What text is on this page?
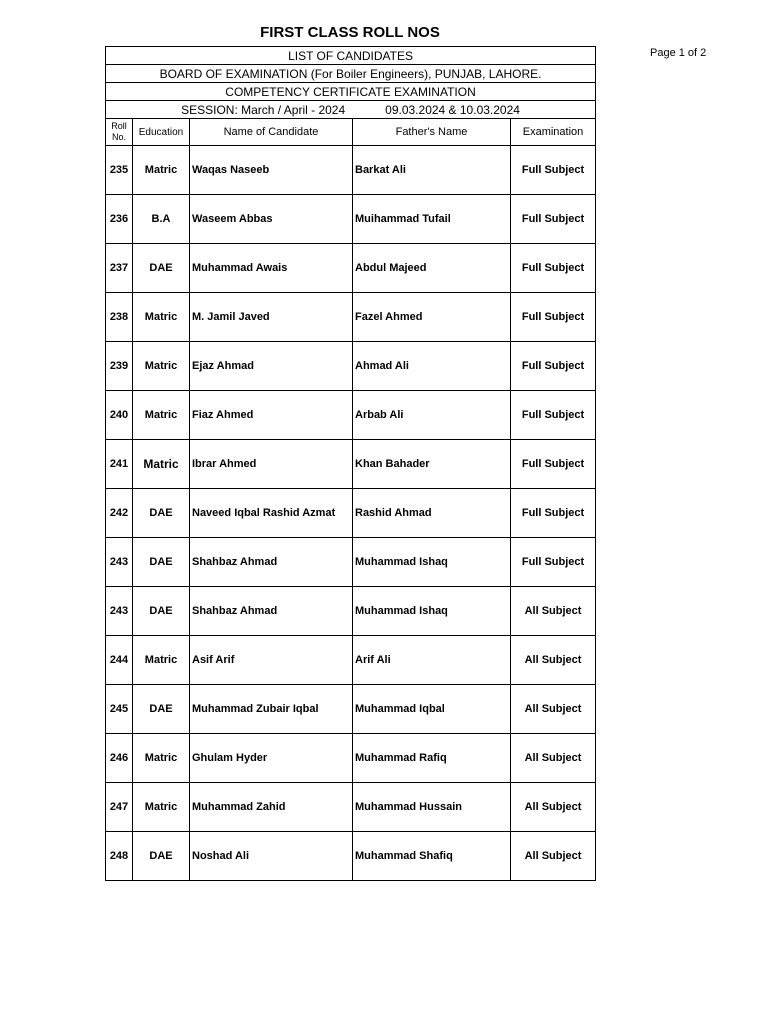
FIRST CLASS ROLL NOS
Page 1 of 2
LIST OF CANDIDATES				
BOARD OF EXAMINATION (For Boiler Engineers), PUNJAB, LAHORE.				
COMPETENCY CERTIFICATE EXAMINATION				
SESSION: March / April - 2024 09.03.2024 & 10.03.2024				
Roll
No.	Education	Name of Candidate	Father's Name	Examination
235	Matric	Waqas Naseeb	Barkat Ali	Full Subject
236	B.A	Waseem Abbas	Muihammad Tufail	Full Subject
237	DAE	Muhammad Awais	Abdul Majeed	Full Subject
238	Matric	M. Jamil Javed	Fazel Ahmed	Full Subject
239	Matric	Ejaz Ahmad	Ahmad Ali	Full Subject
240	Matric	Fiaz Ahmed	Arbab Ali	Full Subject
241	Matric	Ibrar Ahmed	Khan Bahader	Full Subject
242	DAE	Naveed Iqbal Rashid Azmat	Rashid Ahmad	Full Subject
243	DAE	Shahbaz Ahmad	Muhammad Ishaq	Full Subject
243	DAE	Shahbaz Ahmad	Muhammad Ishaq	All Subject
244	Matric	Asif Arif	Arif Ali	All Subject
245	DAE	Muhammad Zubair Iqbal	Muhammad Iqbal	All Subject
246	Matric	Ghulam Hyder	Muhammad Rafiq	All Subject
247	Matric	Muhammad Zahid	Muhammad Hussain	All Subject
248	DAE	Noshad Ali	Muhammad Shafiq	All Subject
